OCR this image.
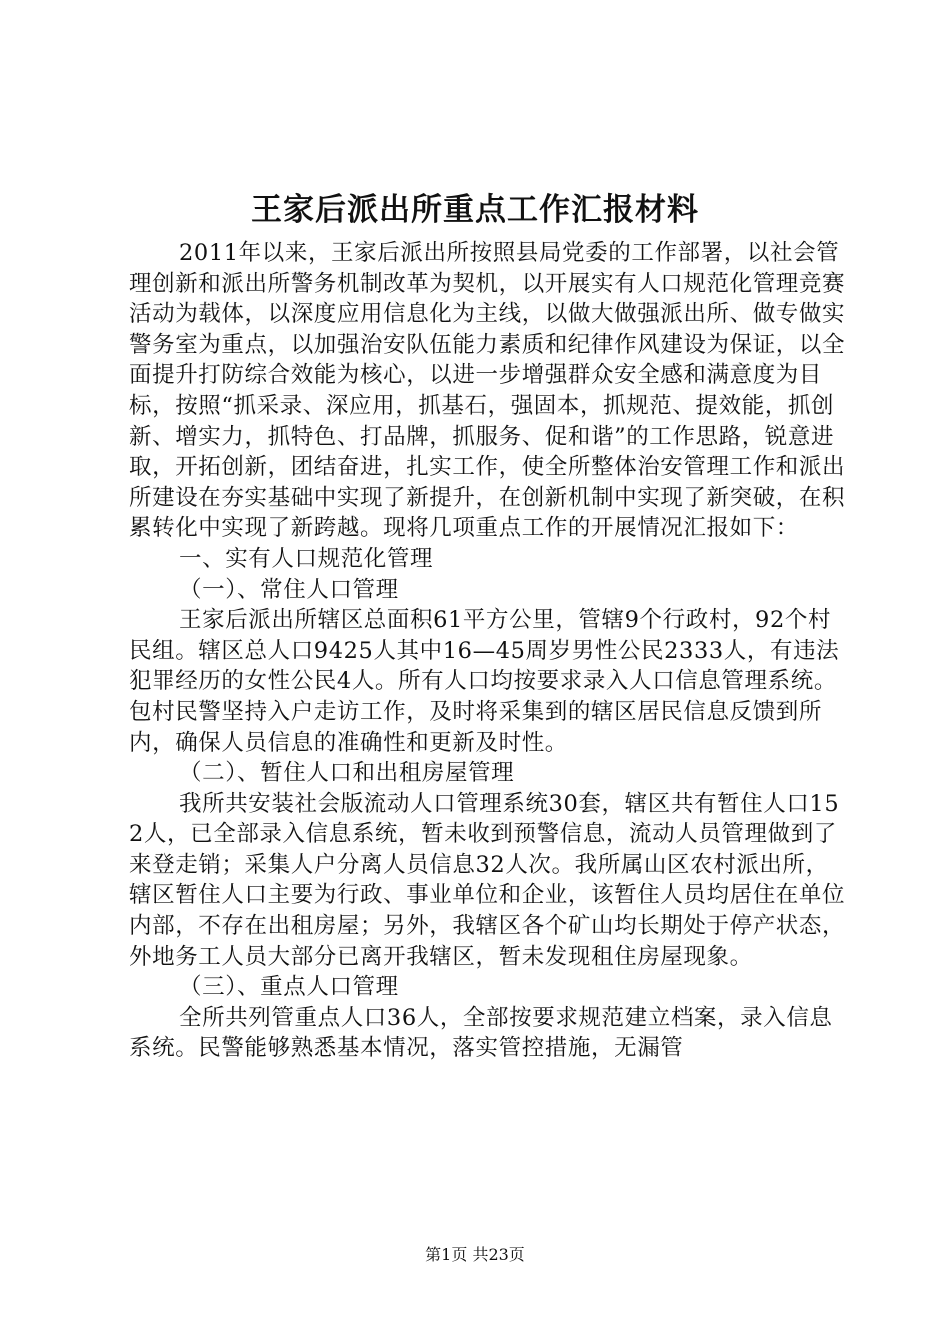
王家后派出所重点工作汇报材料

2011年以来，王家后派出所按照县局党委的工作部署，以社会管理创新和派出所警务机制改革为契机，以开展实有人口规范化管理竞赛活动为载体，以深度应用信息化为主线，以做大做强派出所、做专做实警务室为重点，以加强治安队伍能力素质和纪律作风建设为保证，以全面提升打防综合效能为核心，以进一步增强群众安全感和满意度为目标，按照“抓采录、深应用，抓基石，强固本，抓规范、提效能，抓创新、增实力，抓特色、打品牌，抓服务、促和谐”的工作思路，锐意进取，开拓创新，团结奋进，扎实工作，使全所整体治安管理工作和派出所建设在夯实基础中实现了新提升，在创新机制中实现了新突破，在积累转化中实现了新跨越。现将几项重点工作的开展情况汇报如下：

一、实有人口规范化管理

（一）、常住人口管理

王家后派出所辖区总面积61平方公里，管辖9个行政村，92个村民组。辖区总人口9425人其中16—45周岁男性公民2333人，有违法犯罪经历的女性公民4人。所有人口均按要求录入人口信息管理系统。包村民警坚持入户走访工作，及时将采集到的辖区居民信息反馈到所内，确保人员信息的准确性和更新及时性。

（二）、暂住人口和出租房屋管理

我所共安装社会版流动人口管理系统30套，辖区共有暂住人口152人，已全部录入信息系统，暂未收到预警信息，流动人员管理做到了来登走销；采集人户分离人员信息32人次。我所属山区农村派出所，辖区暂住人口主要为行政、事业单位和企业，该暂住人员均居住在单位内部，不存在出租房屋；另外，我辖区各个矿山均长期处于停产状态，外地务工人员大部分已离开我辖区，暂未发现租住房屋现象。

（三）、重点人口管理

全所共列管重点人口36人，全部按要求规范建立档案，录入信息系统。民警能够熟悉基本情况，落实管控措施，无漏管

第1页 共23页
